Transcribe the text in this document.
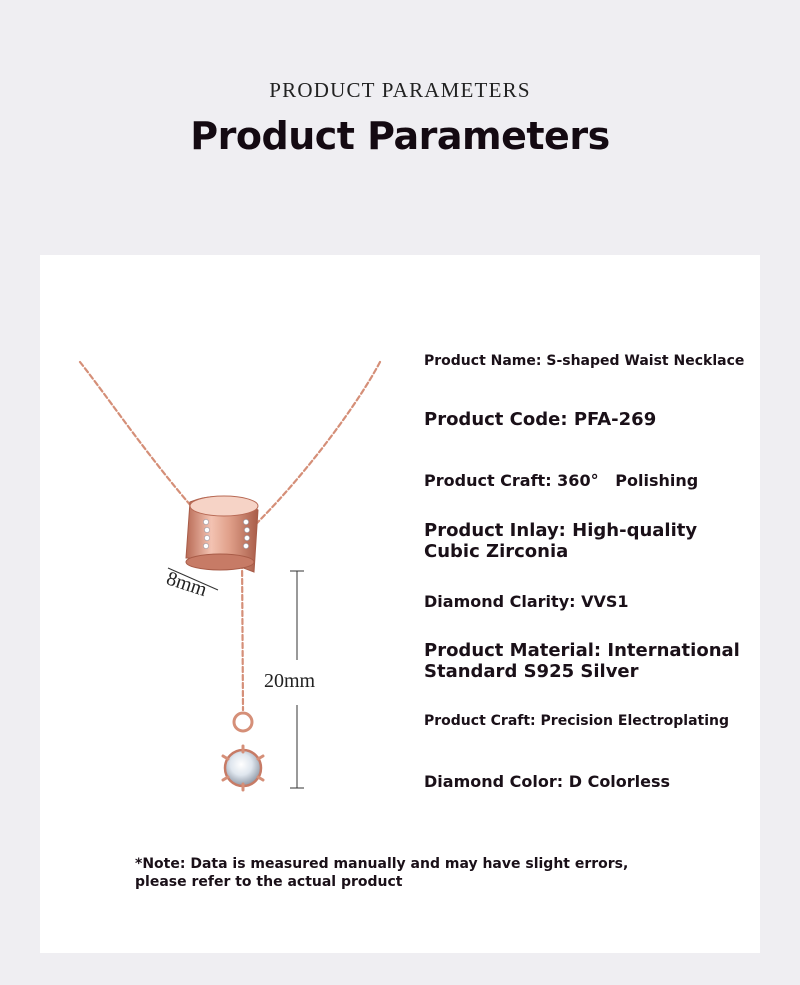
PRODUCT PARAMETERS
Product Parameters
8mm
20mm
Product Name: S-shaped Waist Necklace
Product Code: PFA-269
Product Craft: 360°   Polishing
Product Inlay: High-quality
Cubic Zirconia
Diamond Clarity: VVS1
Product Material: International
Standard S925 Silver
Product Craft: Precision Electroplating
Diamond Color: D Colorless
*Note: Data is measured manually and may have slight errors, please refer to the actual product
